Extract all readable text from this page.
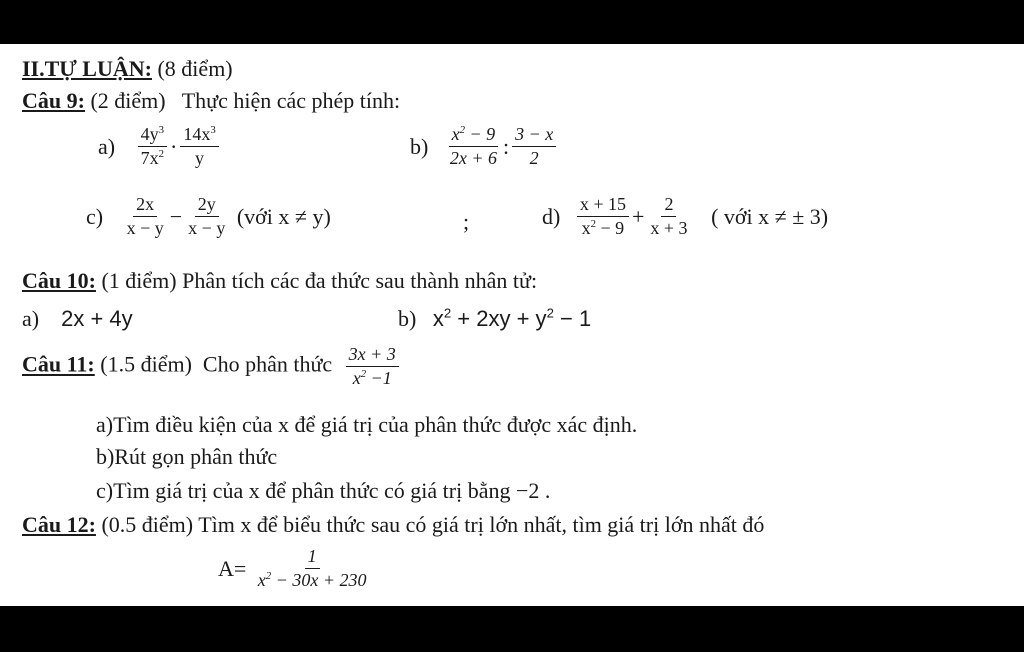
II.TỰ LUẬN: (8 điểm)
Câu 9: (2 điểm) Thực hiện các phép tính:
$a) \frac{4y^3}{7x^2} \cdot \frac{14x^3}{y}$	$b) \frac{x^2 - 9}{2x + 6}$ : $\frac{3 - x}{2}$
$c) \frac{2x}{x - y} - \frac{2y}{x - y}$ (với x ≠ y)	;	$d) \frac{x + 15}{x^2 - 9} + \frac{2}{x + 3}$ ( với x ≠ ± 3)
Câu 10: (1 điểm) Phân tích các đa thức sau thành nhân tử:
a) 2x + 4y	b) $x^2 + 2xy + y^2 - 1$
Câu 11: (1.5 điểm) Cho phân thức $\frac{3x + 3}{x^2 -1}$
a)Tìm điều kiện của x để giá trị của phân thức được xác định.
b)Rút gọn phân thức
c)Tìm giá trị của x để phân thức có giá trị bằng −2 .
Câu 12: (0.5 điểm) Tìm x để biểu thức sau có giá trị lớn nhất, tìm giá trị lớn nhất đó
$A= \frac{1}{x^2 - 30x + 230}$
